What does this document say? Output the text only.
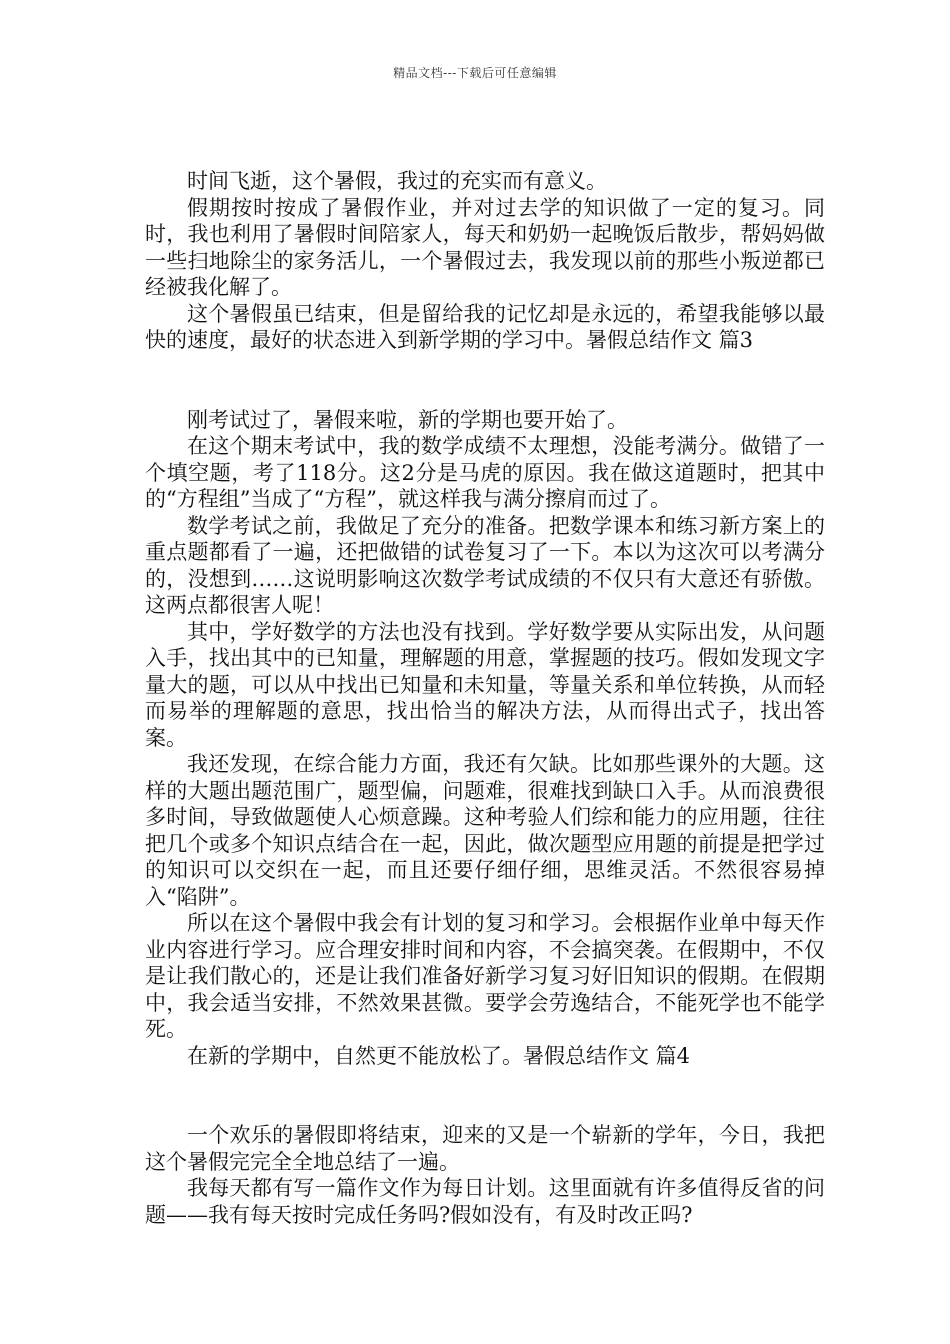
精品文档---下载后可任意编辑

时间飞逝，这个暑假，我过的充实而有意义。

假期按时按成了暑假作业，并对过去学的知识做了一定的复习。同时，我也利用了暑假时间陪家人，每天和奶奶一起晚饭后散步，帮妈妈做一些扫地除尘的家务活儿，一个暑假过去，我发现以前的那些小叛逆都已经被我化解了。

这个暑假虽已结束，但是留给我的记忆却是永远的，希望我能够以最快的速度，最好的状态进入到新学期的学习中。暑假总结作文 篇3

刚考试过了，暑假来啦，新的学期也要开始了。

在这个期末考试中，我的数学成绩不太理想，没能考满分。做错了一个填空题，考了118分。这2分是马虎的原因。我在做这道题时，把其中的“方程组”当成了“方程”，就这样我与满分擦肩而过了。

数学考试之前，我做足了充分的准备。把数学课本和练习新方案上的重点题都看了一遍，还把做错的试卷复习了一下。本以为这次可以考满分的，没想到……这说明影响这次数学考试成绩的不仅只有大意还有骄傲。这两点都很害人呢！

其中，学好数学的方法也没有找到。学好数学要从实际出发，从问题入手，找出其中的已知量，理解题的用意，掌握题的技巧。假如发现文字量大的题，可以从中找出已知量和未知量，等量关系和单位转换，从而轻而易举的理解题的意思，找出恰当的解决方法，从而得出式子，找出答案。

我还发现，在综合能力方面，我还有欠缺。比如那些课外的大题。这样的大题出题范围广，题型偏，问题难，很难找到缺口入手。从而浪费很多时间，导致做题使人心烦意躁。这种考验人们综和能力的应用题，往往把几个或多个知识点结合在一起，因此，做次题型应用题的前提是把学过的知识可以交织在一起，而且还要仔细仔细，思维灵活。不然很容易掉入“陷阱”。

所以在这个暑假中我会有计划的复习和学习。会根据作业单中每天作业内容进行学习。应合理安排时间和内容，不会搞突袭。在假期中，不仅是让我们散心的，还是让我们准备好新学习复习好旧知识的假期。在假期中，我会适当安排，不然效果甚微。要学会劳逸结合，不能死学也不能学死。

在新的学期中，自然更不能放松了。暑假总结作文 篇4

一个欢乐的暑假即将结束，迎来的又是一个崭新的学年，今日，我把这个暑假完完全全地总结了一遍。

我每天都有写一篇作文作为每日计划。这里面就有许多值得反省的问题——我有每天按时完成任务吗?假如没有，有及时改正吗?
